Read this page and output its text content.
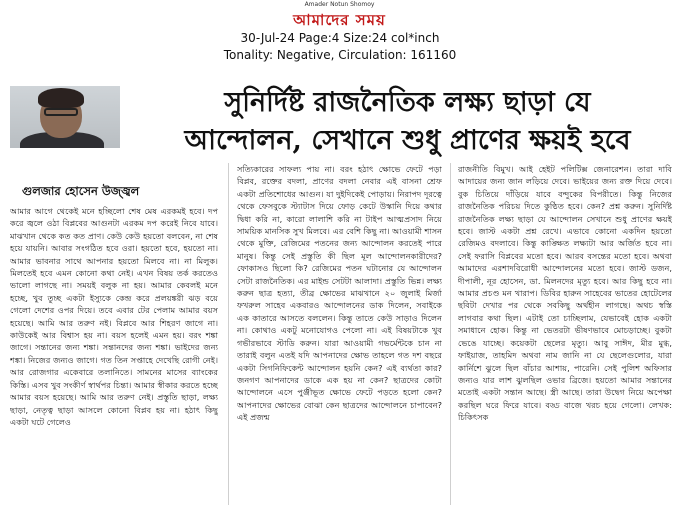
Amader Notun Shomoy
আমাদের সময়
30-Jul-24 Page:4 Size:24 col*inch
Tonality: Negative, Circulation: 161160
সুনির্দিষ্ট রাজনৈতিক লক্ষ্য ছাড়া যে
আন্দোলন, সেখানে শুধু প্রাণের ক্ষয়ই হবে
গুলজার হোসেন উজ্জ্বল
আমার আগে থেকেই মনে হচ্ছিলো শেষ মেষ এরকমই হবে। দপ করে জ্বলে ওঠা বিপ্লবের আগুনটা এরকম দপ করেই নিবে যাবে। মাঝখান থেকে কত কত প্রাণ। কেউ কেউ হয়তো বলবেন, না শেষ হয়ে যায়নি। আবার সংগঠিত হবে ওরা। হয়তো হবে, হয়তো না। আমার ভাবনার সাথে আপনার হয়তো মিলবে না। না মিলুক। মিলতেই হবে এমন কোনো কথা নেই। এখন বিষয় তর্ক করতেও ভালো লাগছে না। সময়ই বলুক না হয়। আমার কেবলই মনে হচ্ছে, খুব তুচ্ছ একটা ইস্যুকে কেন্দ্র করে প্রলয়ঙ্করী ঝড় বয়ে গেলো দেশের ওপর দিয়ে। তবে এবার টের পেলাম আমার বয়স হয়েছে। আমি আর তরুণ নই। বিপ্লবে আর শিহরণ জাগে না। কাউকেই আর বিশ্বাস হয় না। বয়স হলেই এমন হয়। বরং শঙ্কা জাগে। সন্তানের জন্য শঙ্কা। সন্তানদের জন্য শঙ্কা। ভাইদের জন্য শঙ্কা। নিজের জন্যও জাগে। গত তিন সপ্তাহে দেখেছি রোগী নেই। আর রোজগার একেবারে তলানিতে। সামনের মাসের ব্যাংকের কিস্তি। এসব খুব সংকীর্ণ স্বার্থপর চিন্তা। আমার স্বীকার করতে হচ্ছে আমার বয়স হয়েছে। আমি আর তরুণ নেই। প্রস্তুতি ছাড়া, লক্ষ্য ছাড়া, নেতৃত্ব ছাড়া আসলে কোনো বিপ্লব হয় না। হঠাৎ কিছু একটা ঘটে গেলেও
সত্যিকারের সাফল্য পায় না। বরং হঠাৎ ক্ষোভে ফেটে পড়া বিপ্লব, রক্তের বদলা, প্রাণের বদলা নেবার এই বাসনা শ্রেফ একটা প্রতিশোধের আগুন। যা দুইদিকেই পোড়ায়। নিরাপদ দূরত্বে থেকে ফেসবুকে স্ট্যাটাস দিয়ে ফোড় কেটে উস্কানি দিয়ে কথার দ্বিধা করি না, কারো লালাশি করি না টাইপ আত্মপ্রসাদ নিয়ে সাময়িক মানসিক সুখ মিলবে। এর বেশি কিছু না। আওয়ামী শাসন থেকে মুক্তি, রেজিমের পতনের জন্য আন্দোলন করতেই পারে মানুষ। কিন্তু সেই প্রস্তুতি কী ছিল মূল আন্দোলনকারীদের? ফোকাসও ছিলো কি? রেজিমের পতন ঘটানোর যে আন্দোলন সেটা রাজনৈতিক। এর মাইন্ড সেটটা আলাদা। প্রস্তুতি ভিন্ন। লক্ষ্য করুন ছাত্র হত্যা, তীব্র ক্ষোভের মাঝখানে ২০ জুলাই মির্জা ফখরুল সাহেব একবারও আন্দোলনের ডাক দিলেন, সবাইকে এক কাতারে আসতে বললেন। কিন্তু তাতে কেউ সাড়াও দিলেন না। কোথাও একটু মনোযোগও পেলো না। এই বিষয়টাকে খুব গভীরভাবে স্টাডি করুন। যারা আওয়ামী গভর্মেন্টকে চান না তারাই বলুন এতই যদি আপনাদের ক্ষোভ তাহলে গত দশ বছরে একটা সিগনিফিকেন্ট আন্দোলন হয়নি কেন? এই ব্যর্থতা কার? জনগণ আপনাদের ডাকে এক হয় না কেন? ছাত্রদের কোটা আন্দোলনে এসে পুঞ্জীভূত ক্ষোভে ফেটে পড়তে হলো কেন? আপনাদের ক্ষোভের বোঝা কেন ছাত্রদের আন্দোলনে চাপাবেন? এই প্রজন্ম
রাজনীতি বিমুখ। আই হেইট পলিটিক্স জেনারেশন। তারা দাবি আদায়ের জন্য জান লড়িয়ে দেবে। ভাইয়ের জন্য রক্ত দিয়ে দেবে। বুক চিতিয়ে দাঁড়িয়ে যাবে বন্দুকের বিপরীতে। কিন্তু নিজের রাজনৈতিক পরিচয় দিতে কুণ্ঠিত হবে। কেন? প্রশ্ন করুন। সুনির্দিষ্ট রাজনৈতিক লক্ষ্য ছাড়া যে আন্দোলন সেখানে শুধু প্রাণের ক্ষয়ই হবে। জাস্ট একটা প্রশ্ন রেখে। এভাবে কোনো একদিন হয়তো রেজিমও বদলাবে। কিন্তু কাঙ্ক্ষিত লক্ষ্যটা আর অর্জিত হবে না। সেই ফরাসি বিপ্লবের মতো হবে। আরব বসন্তের মতো হবে। অথবা আমাদের এরশাদবিরোধী আন্দোলনের মতো হবে। জাস্ট ডজন, দীপালী, নূর হোসেন, ডা. মিলনদের মৃত্যু হবে। আর কিছু হবে না। আমার প্রচণ্ড মন খারাপ। ডিবির হারুন সাহেবের ভাতের হোটেলের ছবিটা দেখার পর থেকে সবকিছু অর্থহীন লাগছে। অথচ স্বস্তি লাগবার কথা ছিল। এটাই তো চাচ্ছিলাম, যেভাবেই হোক একটা সমাধানে হোক। কিন্তু না ভেতরটা ভীষণভাবে মোচড়াচ্ছে। বুকটা ভেঙে যাচ্ছে। কয়েকটা ছেলের মৃত্যু। আবু সাঈদ, মীর মুগ্ধ, ফাইয়াজ, তাহমিদ অথবা নাম জানি না যে ছেলেগুলোর, যারা কার্নিশে ঝুলে ছিল বাঁচার আশায়, পারেনি। সেই পুলিশ অফিসার জন্যও যার লাশ ঝুলছিল ওভার ব্রিজে। হয়তো আমার সন্তানের মতোই একটা সন্তান আছে। স্ত্রী আছে। তারা উদ্বেগ নিয়ে অপেক্ষা করছিল ঘরে ফিরে যাবে। বড্ড বাজে খরচ হয়ে গেলো। লেখক: চিকিৎসক
